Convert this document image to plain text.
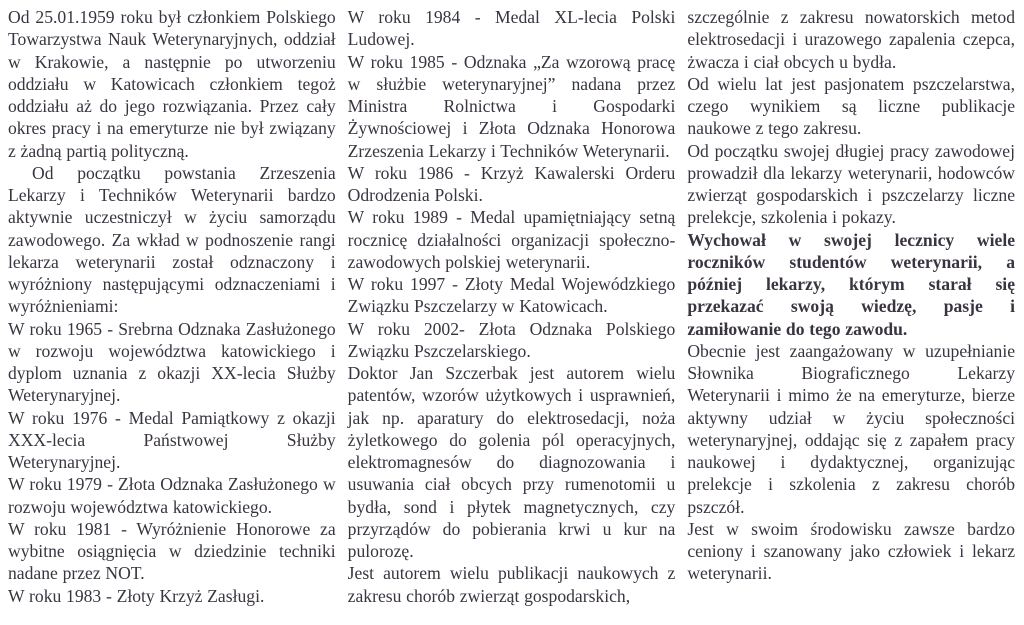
Od 25.01.1959 roku był członkiem Polskiego Towarzystwa Nauk Weterynaryjnych, oddział w Krakowie, a następnie po utworzeniu oddziału w Katowicach członkiem tegoż oddziału aż do jego rozwiązania. Przez cały okres pracy i na emeryturze nie był związany z żadną partią polityczną.

Od początku powstania Zrzeszenia Lekarzy i Techników Weterynarii bardzo aktywnie uczestniczył w życiu samorządu zawodowego. Za wkład w podnoszenie rangi lekarza weterynarii został odznaczony i wyróżniony następującymi odznaczeniami i wyróżnieniami:

W roku 1965 - Srebrna Odznaka Zasłużonego w rozwoju województwa katowickiego i dyplom uznania z okazji XX-lecia Służby Weterynaryjnej.

W roku 1976 - Medal Pamiątkowy z okazji XXX-lecia Państwowej Służby Weterynaryjnej.

W roku 1979 - Złota Odznaka Zasłużonego w rozwoju województwa katowickiego.

W roku 1981 - Wyróżnienie Honorowe za wybitne osiągnięcia w dziedzinie techniki nadane przez NOT.

W roku 1983 - Złoty Krzyż Zasługi.

W roku 1984 - Medal XL-lecia Polski Ludowej.

W roku 1985 - Odznaka „Za wzorową pracę w służbie weterynaryjnej” nadana przez Ministra Rolnictwa i Gospodarki Żywnościowej i Złota Odznaka Honorowa Zrzeszenia Lekarzy i Techników Weterynarii.

W roku 1986 - Krzyż Kawalerski Orderu Odrodzenia Polski.

W roku 1989 - Medal upamiętniający setną rocznicę działalności organizacji społeczno-zawodowych polskiej weterynarii.

W roku 1997 - Złoty Medal Wojewódzkiego Związku Pszczelarzy w Katowicach.

W roku 2002- Złota Odznaka Polskiego Związku Pszczelarskiego.

Doktor Jan Szczerbak jest autorem wielu patentów, wzorów użytkowych i usprawnień, jak np. aparatury do elektrosedacji, noża żyletkowego do golenia pól operacyjnych, elektromagnesów do diagnozowania i usuwania ciał obcych przy rumenotomii u bydła, sond i płytek magnetycznych, czy przyrządów do pobierania krwi u kur na pulorozę.

Jest autorem wielu publikacji naukowych z zakresu chorób zwierząt gospodarskich,

szczególnie z zakresu nowatorskich metod elektrosedacji i urazowego zapalenia czepca, żwacza i ciał obcych u bydła.

Od wielu lat jest pasjonatem pszczelarstwa, czego wynikiem są liczne publikacje naukowe z tego zakresu.

Od początku swojej długiej pracy zawodowej prowadził dla lekarzy weterynarii, hodowców zwierząt gospodarskich i pszczelarzy liczne prelekcje, szkolenia i pokazy.

Wychował w swojej lecznicy wiele roczników studentów weterynarii, a później lekarzy, którym starał się przekazać swoją wiedzę, pasje i zamiłowanie do tego zawodu.

Obecnie jest zaangażowany w uzupełnianie Słownika Biograficznego Lekarzy Weterynarii i mimo że na emeryturze, bierze aktywny udział w życiu społeczności weterynaryjnej, oddając się z zapałem pracy naukowej i dydaktycznej, organizując prelekcje i szkolenia z zakresu chorób pszczół.

Jest w swoim środowisku zawsze bardzo ceniony i szanowany jako człowiek i lekarz weterynarii.
